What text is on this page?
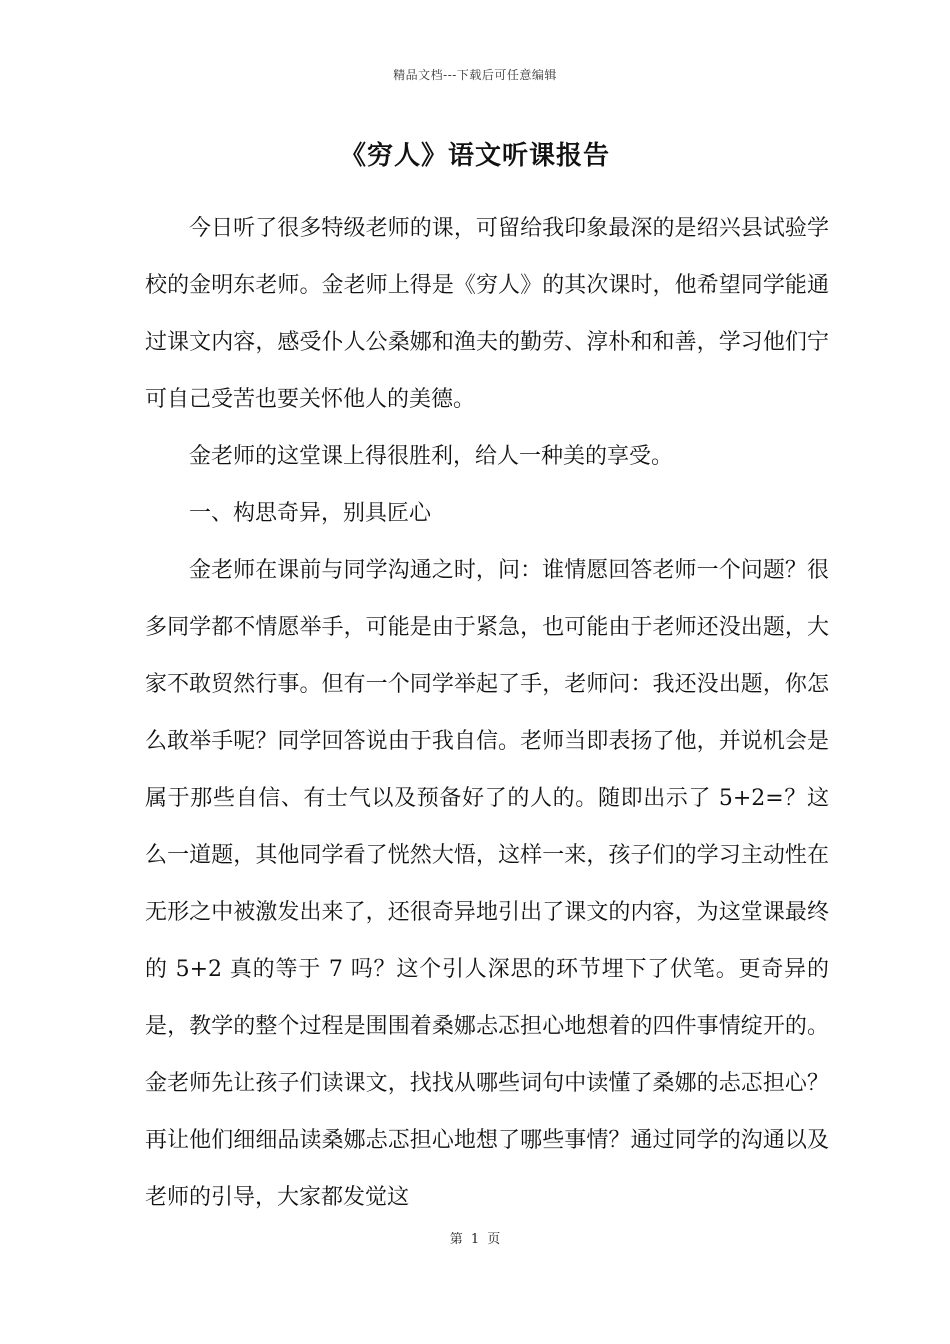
精品文档---下载后可任意编辑
《穷人》语文听课报告

今日听了很多特级老师的课，可留给我印象最深的是绍兴县试验学校的金明东老师。金老师上得是《穷人》的其次课时，他希望同学能通过课文内容，感受仆人公桑娜和渔夫的勤劳、淳朴和和善，学习他们宁可自己受苦也要关怀他人的美德。

金老师的这堂课上得很胜利，给人一种美的享受。

一、构思奇异，别具匠心

金老师在课前与同学沟通之时，问：谁情愿回答老师一个问题？很多同学都不情愿举手，可能是由于紧急，也可能由于老师还没出题，大家不敢贸然行事。但有一个同学举起了手，老师问：我还没出题，你怎么敢举手呢？同学回答说由于我自信。老师当即表扬了他，并说机会是属于那些自信、有士气以及预备好了的人的。随即出示了 5+2=？这么一道题，其他同学看了恍然大悟，这样一来，孩子们的学习主动性在无形之中被激发出来了，还很奇异地引出了课文的内容，为这堂课最终的 5+2 真的等于 7 吗？这个引人深思的环节埋下了伏笔。更奇异的是，教学的整个过程是围围着桑娜忐忑担心地想着的四件事情绽开的。金老师先让孩子们读课文，找找从哪些词句中读懂了桑娜的忐忑担心？再让他们细细品读桑娜忐忑担心地想了哪些事情？通过同学的沟通以及老师的引导，大家都发觉这

第 1 页
